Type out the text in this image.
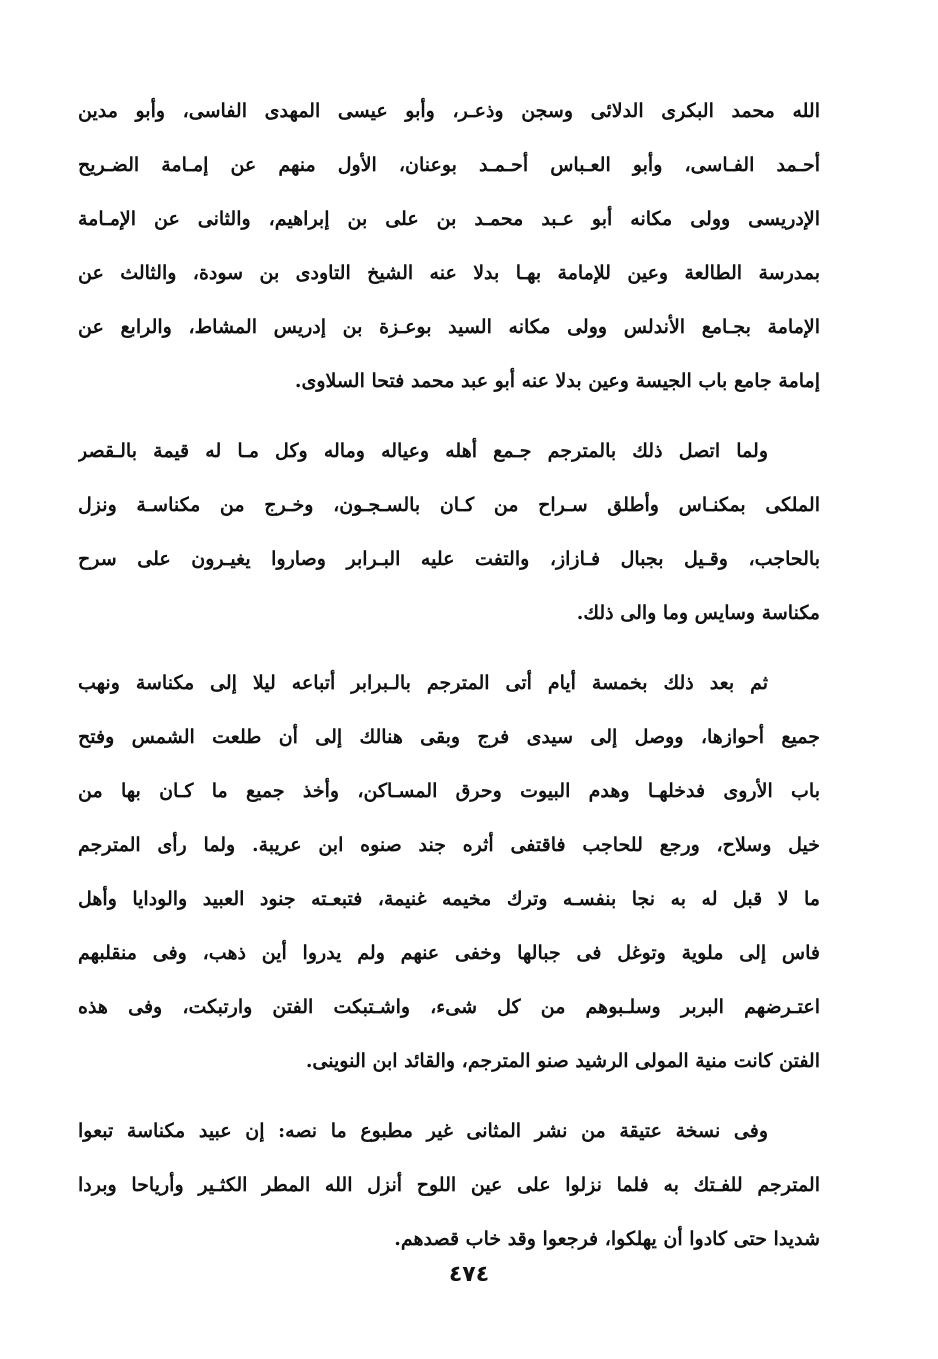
الله محمد البكرى الدلائى وسجن وذعـر، وأبو عيسى المهدى الفاسى، وأبو مدين
أحـمد الفـاسى، وأبو العـباس أحـمـد بوعنان، الأول منهم عن إمـامة الضـريح
الإدريسى وولى مكانه أبو عـبد محمـد بن على بن إبراهيم، والثانى عن الإمـامة
بمدرسة الطالعة وعين للإمامة بهـا بدلا عنه الشيخ التاودى بن سودة، والثالث عن
الإمامة بجـامع الأندلس وولى مكانه السيد بوعـزة بن إدريس المشاط، والرابع عن
إمامة جامع باب الجيسة وعين بدلا عنه أبو عبد محمد فتحا السلاوى.
ولما اتصل ذلك بالمترجم جـمع أهله وعياله وماله وكل مـا له قيمة بالـقصر
الملكى بمكنـاس وأطلق سـراح من كـان بالسـجـون، وخـرج من مكناسـة ونزل
بالحاجب، وقـيل بجبال فـازاز، والتفت عليه البـرابر وصاروا يغيـرون على سرح
مكناسة وسايس وما والى ذلك.
ثم بعد ذلك بخمسة أيام أتى المترجم بالـبرابر أتباعه ليلا إلى مكناسة ونهب
جميع أحوازها، ووصل إلى سيدى فرج وبقى هنالك إلى أن طلعت الشمس وفتح
باب الأروى فدخلهـا وهدم البيوت وحرق المسـاكن، وأخذ جميع ما كـان بها من
خيل وسلاح، ورجع للحاجب فاقتفى أثره جند صنوه ابن عريبة. ولما رأى المترجم
ما لا قبل له به نجا بنفسـه وترك مخيمه غنيمة، فتبعـته جنود العبيد والودايا وأهل
فاس إلى ملوية وتوغل فى جبالها وخفى عنهم ولم يدروا أين ذهب، وفى منقلبهم
اعتـرضهم البربر وسلـبوهم من كل شىء، واشـتبكت الفتن وارتبكت، وفى هذه
الفتن كانت منية المولى الرشيد صنو المترجم، والقائد ابن النوينى.
وفى نسخة عتيقة من نشر المثانى غير مطبوع ما نصه: إن عبيد مكناسة تبعوا
المترجم للفـتك به فلما نزلوا على عين اللوح أنزل الله المطر الكثـير وأرياحا وبردا
شديدا حتى كادوا أن يهلكوا، فرجعوا وقد خاب قصدهم.
٤٧٤
